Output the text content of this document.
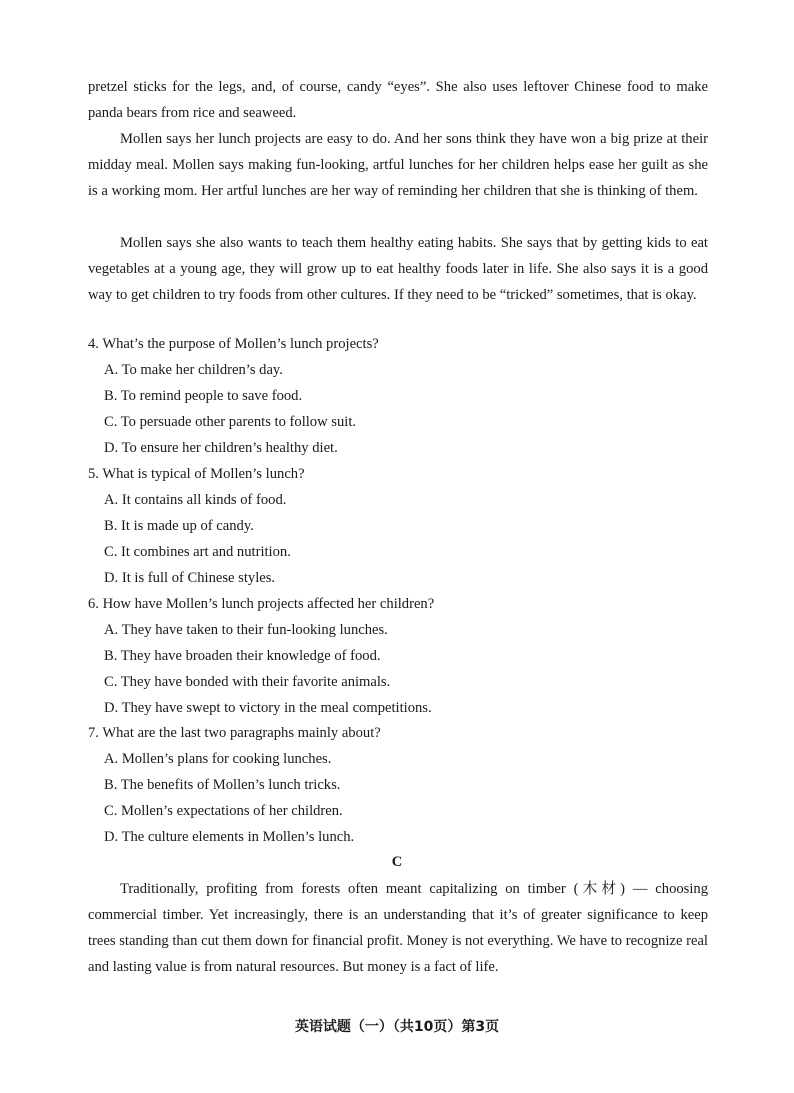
pretzel sticks for the legs, and, of course, candy “eyes”. She also uses leftover Chinese food to make panda bears from rice and seaweed.

Mollen says her lunch projects are easy to do. And her sons think they have won a big prize at their midday meal. Mollen says making fun-looking, artful lunches for her children helps ease her guilt as she is a working mom. Her artful lunches are her way of reminding her children that she is thinking of them.

Mollen says she also wants to teach them healthy eating habits. She says that by getting kids to eat vegetables at a young age, they will grow up to eat healthy foods later in life. She also says it is a good way to get children to try foods from other cultures. If they need to be “tricked” sometimes, that is okay.

4. What’s the purpose of Mollen’s lunch projects?

A. To make her children’s day.

B. To remind people to save food.

C. To persuade other parents to follow suit.

D. To ensure her children’s healthy diet.

5. What is typical of Mollen’s lunch?

A. It contains all kinds of food.

B. It is made up of candy.

C. It combines art and nutrition.

D. It is full of Chinese styles.

6. How have Mollen’s lunch projects affected her children?

A. They have taken to their fun-looking lunches.

B. They have broaden their knowledge of food.

C. They have bonded with their favorite animals.

D. They have swept to victory in the meal competitions.

7. What are the last two paragraphs mainly about?

A. Mollen’s plans for cooking lunches.

B. The benefits of Mollen’s lunch tricks.

C. Mollen’s expectations of her children.

D. The culture elements in Mollen’s lunch.

C

Traditionally, profiting from forests often meant capitalizing on timber (木材) — choosing commercial timber. Yet increasingly, there is an understanding that it’s of greater significance to keep trees standing than cut them down for financial profit. Money is not everything. We have to recognize real and lasting value is from natural resources. But money is a fact of life.

英语试题（一）（共10页）第3页
